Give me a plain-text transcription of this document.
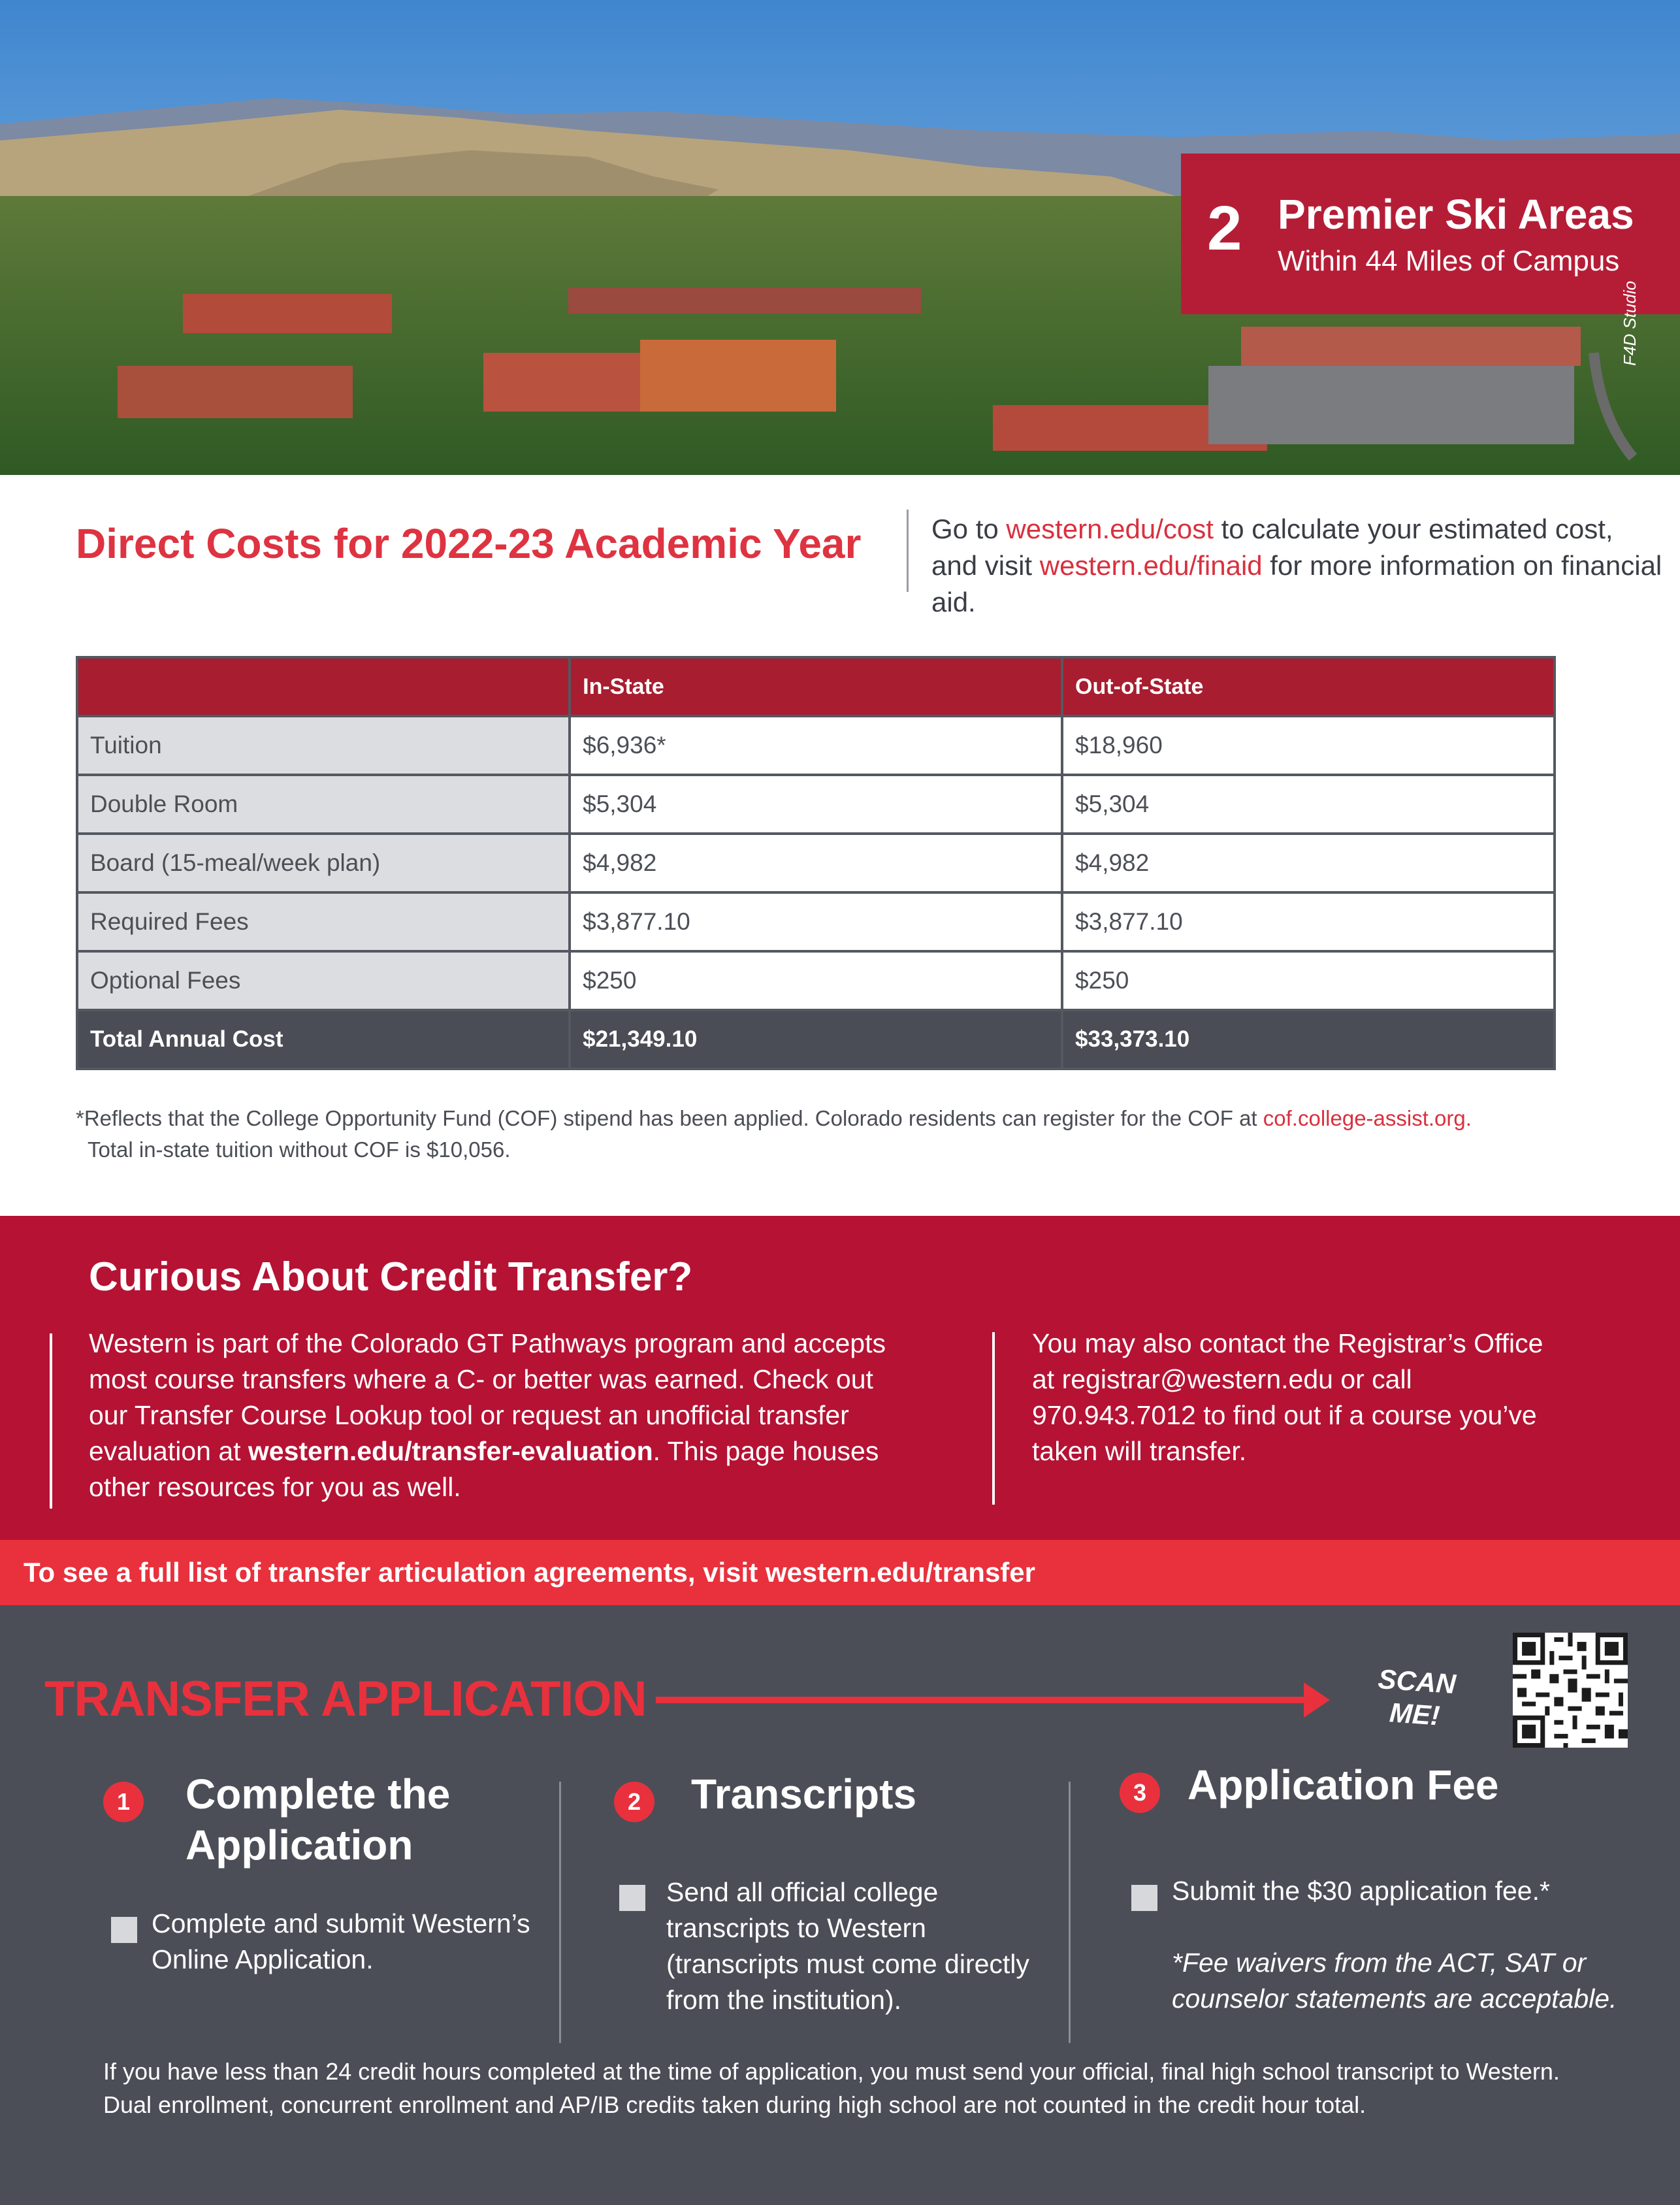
2 Premier Ski Areas
Within 44 Miles of Campus
F4D Studio
Direct Costs for 2022-23 Academic Year	Go to western.edu/cost to calculate your estimated cost, and visit western.edu/finaid for more information on financial aid.
	In-State	Out-of-State
Tuition	$6,936*	$18,960
Double Room	$5,304	$5,304
Board (15-meal/week plan)	$4,982	$4,982
Required Fees	$3,877.10	$3,877.10
Optional Fees	$250	$250
Total Annual Cost	$21,349.10	$33,373.10
*Reflects that the College Opportunity Fund (COF) stipend has been applied. Colorado residents can register for the COF at cof.college-assist.org.
Total in-state tuition without COF is $10,056.
Curious About Credit Transfer?
Western is part of the Colorado GT Pathways program and accepts most course transfers where a C- or better was earned. Check out our Transfer Course Lookup tool or request an unofficial transfer evaluation at western.edu/transfer-evaluation. This page houses other resources for you as well.
You may also contact the Registrar’s Office at registrar@western.edu or call 970.943.7012 to find out if a course you’ve taken will transfer.
To see a full list of transfer articulation agreements, visit western.edu/transfer
TRANSFER APPLICATION	SCAN
ME!
1	Complete the
Application
Complete and submit Western’s Online Application.
2	Transcripts
Send all official college transcripts to Western (transcripts must come directly from the institution).
3 Application Fee
Submit the $30 application fee.*
*Fee waivers from the ACT, SAT or counselor statements are acceptable.
If you have less than 24 credit hours completed at the time of application, you must send your official, final high school transcript to Western. Dual enrollment, concurrent enrollment and AP/IB credits taken during high school are not counted in the credit hour total.
